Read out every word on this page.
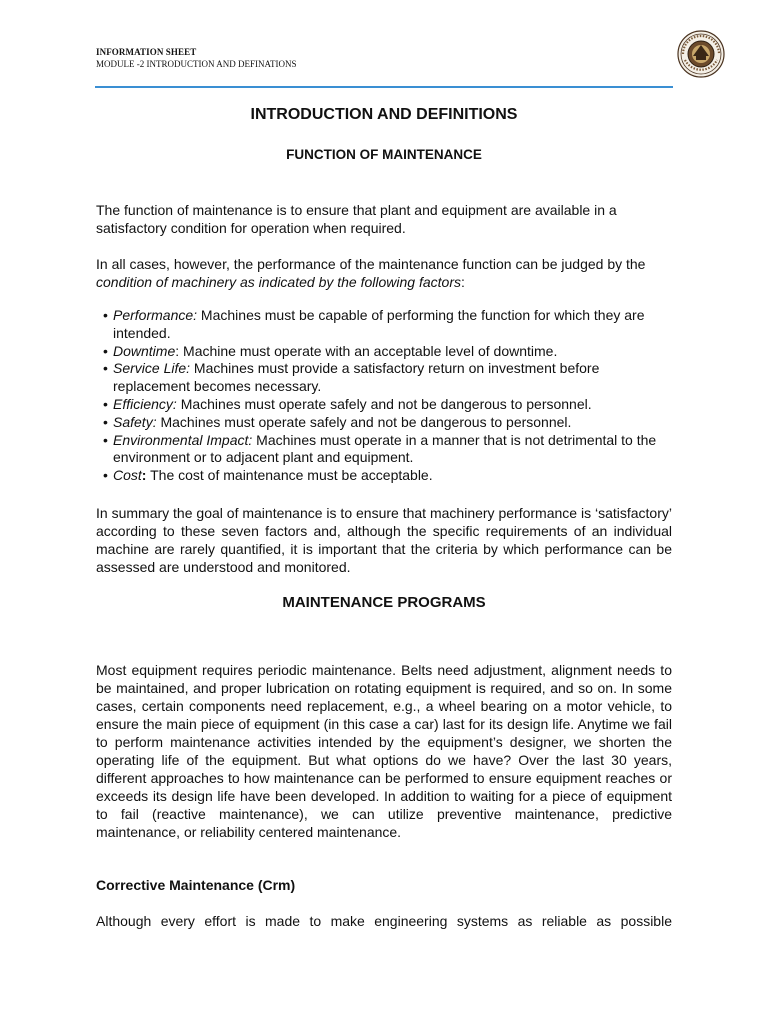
INFORMATION SHEET
MODULE -2 INTRODUCTION AND DEFINATIONS
INTRODUCTION AND DEFINITIONS
FUNCTION OF MAINTENANCE

The function of maintenance is to ensure that plant and equipment are available in a satisfactory condition for operation when required.

In all cases, however, the performance of the maintenance function can be judged by the condition of machinery as indicated by the following factors:

• Performance: Machines must be capable of performing the function for which they are intended.
• Downtime: Machine must operate with an acceptable level of downtime.
• Service Life: Machines must provide a satisfactory return on investment before replacement becomes necessary.
• Efficiency: Machines must operate safely and not be dangerous to personnel.
• Safety: Machines must operate safely and not be dangerous to personnel.
• Environmental Impact: Machines must operate in a manner that is not detrimental to the environment or to adjacent plant and equipment.
• Cost: The cost of maintenance must be acceptable.

In summary the goal of maintenance is to ensure that machinery performance is ‘satisfactory’ according to these seven factors and, although the specific requirements of an individual machine are rarely quantified, it is important that the criteria by which performance can be assessed are understood and monitored.

MAINTENANCE PROGRAMS

Most equipment requires periodic maintenance. Belts need adjustment, alignment needs to be maintained, and proper lubrication on rotating equipment is required, and so on. In some cases, certain components need replacement, e.g., a wheel bearing on a motor vehicle, to ensure the main piece of equipment (in this case a car) last for its design life. Anytime we fail to perform maintenance activities intended by the equipment’s designer, we shorten the operating life of the equipment. But what options do we have? Over the last 30 years, different approaches to how maintenance can be performed to ensure equipment reaches or exceeds its design life have been developed. In addition to waiting for a piece of equipment to fail (reactive maintenance), we can utilize preventive maintenance, predictive maintenance, or reliability centered maintenance.

Corrective Maintenance (Crm)

Although every effort is made to make engineering systems as reliable as possible
